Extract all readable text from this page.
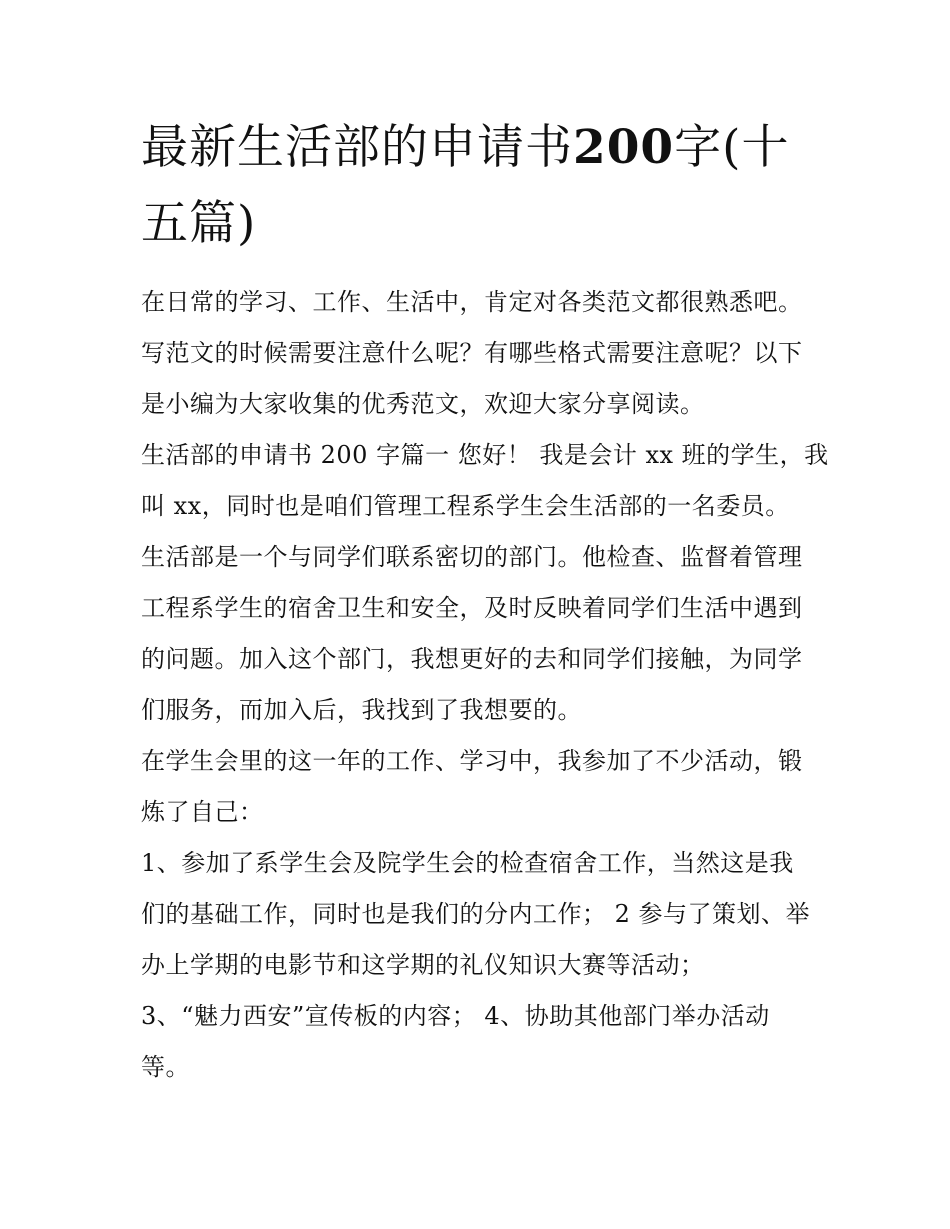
最新生活部的申请书200字(十
五篇)
在日常的学习、工作、生活中，肯定对各类范文都很熟悉吧。
写范文的时候需要注意什么呢？有哪些格式需要注意呢？以下
是小编为大家收集的优秀范文，欢迎大家分享阅读。
生活部的申请书 200 字篇一 您好！ 我是会计 xx 班的学生，我
叫 xx，同时也是咱们管理工程系学生会生活部的一名委员。
生活部是一个与同学们联系密切的部门。他检查、监督着管理
工程系学生的宿舍卫生和安全，及时反映着同学们生活中遇到
的问题。加入这个部门，我想更好的去和同学们接触，为同学
们服务，而加入后，我找到了我想要的。
在学生会里的这一年的工作、学习中，我参加了不少活动，锻
炼了自己：
1、参加了系学生会及院学生会的检查宿舍工作，当然这是我
们的基础工作，同时也是我们的分内工作； 2 参与了策划、举
办上学期的电影节和这学期的礼仪知识大赛等活动；
3、“魅力西安”宣传板的内容； 4、协助其他部门举办活动
等。
